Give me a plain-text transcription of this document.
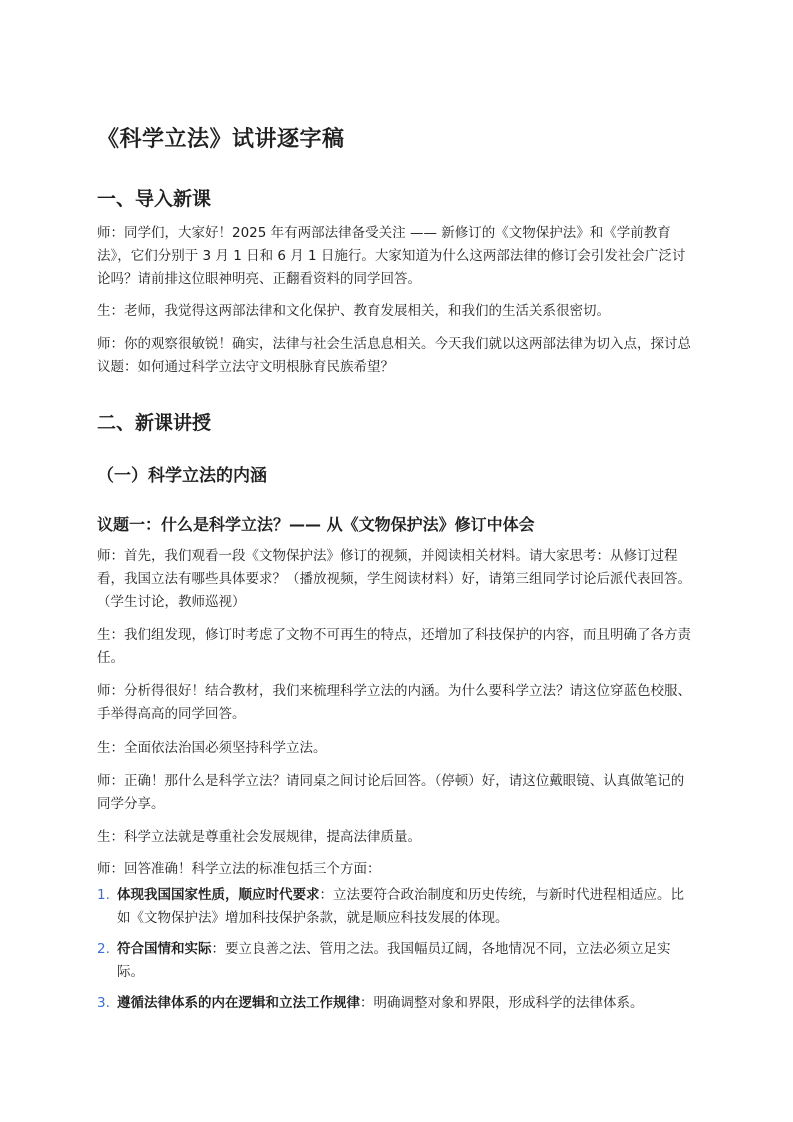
《科学立法》试讲逐字稿
一、导入新课

师：同学们，大家好！2025 年有两部法律备受关注 —— 新修订的《文物保护法》和《学前教育法》，它们分别于 3 月 1 日和 6 月 1 日施行。大家知道为什么这两部法律的修订会引发社会广泛讨论吗？请前排这位眼神明亮、正翻看资料的同学回答。

生：老师，我觉得这两部法律和文化保护、教育发展相关，和我们的生活关系很密切。

师：你的观察很敏锐！确实，法律与社会生活息息相关。今天我们就以这两部法律为切入点，探讨总议题：如何通过科学立法守文明根脉育民族希望？

二、新课讲授
（一）科学立法的内涵
议题一：什么是科学立法？—— 从《文物保护法》修订中体会

师：首先，我们观看一段《文物保护法》修订的视频，并阅读相关材料。请大家思考：从修订过程看，我国立法有哪些具体要求？（播放视频，学生阅读材料）好，请第三组同学讨论后派代表回答。（学生讨论，教师巡视）

生：我们组发现，修订时考虑了文物不可再生的特点，还增加了科技保护的内容，而且明确了各方责任。

师：分析得很好！结合教材，我们来梳理科学立法的内涵。为什么要科学立法？请这位穿蓝色校服、手举得高高的同学回答。

生：全面依法治国必须坚持科学立法。

师：正确！那什么是科学立法？请同桌之间讨论后回答。（停顿）好，请这位戴眼镜、认真做笔记的同学分享。

生：科学立法就是尊重社会发展规律，提高法律质量。

师：回答准确！科学立法的标准包括三个方面：

1. 体现我国国家性质，顺应时代要求：立法要符合政治制度和历史传统，与新时代进程相适应。比如《文物保护法》增加科技保护条款，就是顺应科技发展的体现。
2. 符合国情和实际：要立良善之法、管用之法。我国幅员辽阔，各地情况不同，立法必须立足实际。
3. 遵循法律体系的内在逻辑和立法工作规律：明确调整对象和界限，形成科学的法律体系。
